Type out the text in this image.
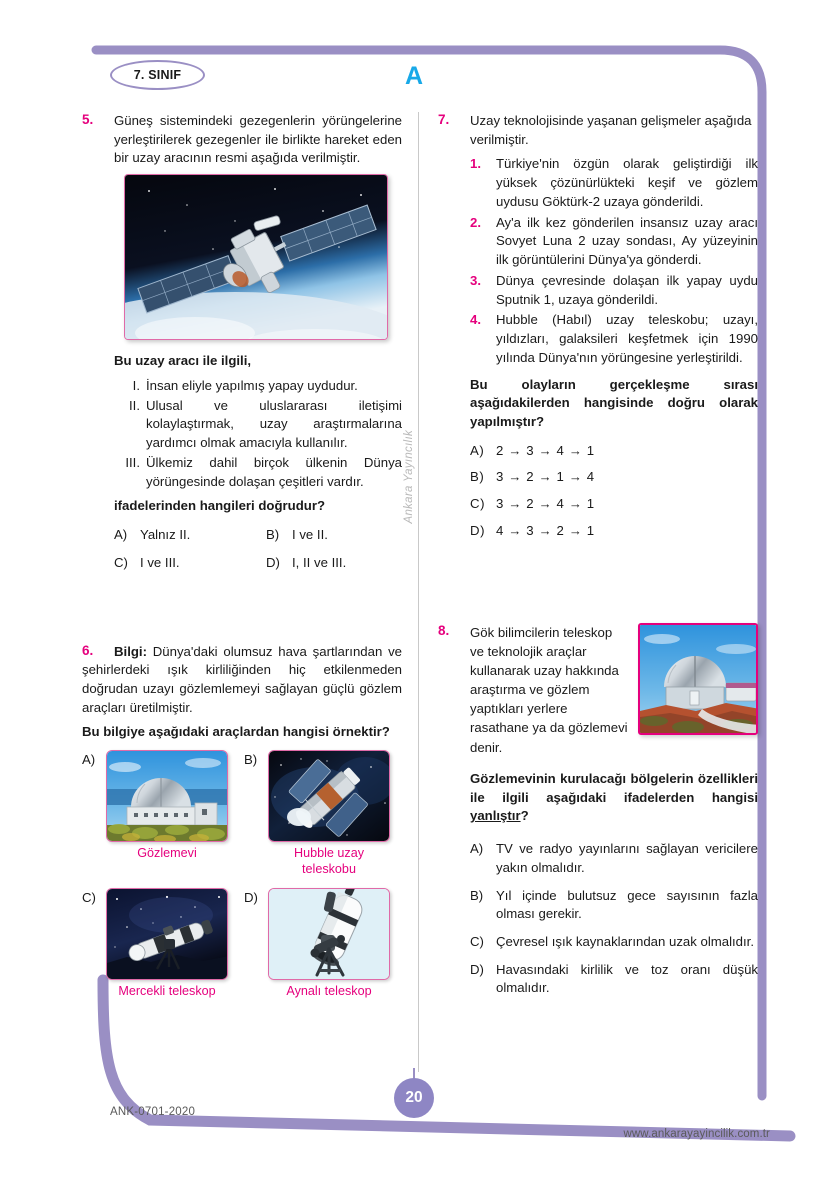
7. SINIF	A
Ankara Yayıncılık
5.	Güneş sistemindeki gezegenlerin yörüngelerine yerleştirilerek gezegenler ile birlikte hareket eden bir uzay aracının resmi aşağıda verilmiştir.

Bu uzay aracı ile ilgili,

I. İnsan eliyle yapılmış yapay uydudur.
II. Ulusal ve uluslararası iletişimi kolaylaştırmak, uzay araştırmalarına yardımcı olmak amacıyla kullanılır.
III. Ülkemiz dahil birçok ülkenin Dünya yörüngesinde dolaşan çeşitleri vardır.

ifadelerinden hangileri doğrudur?

A) Yalnız II.	B) I ve II.
C) I ve III.	D) I, II ve III.
6.	Bilgi: Dünya'daki olumsuz hava şartlarından ve şehirlerdeki ışık kirliliğinden hiç etkilenmeden doğrudan uzayı gözlemlemeyi sağlayan güçlü gözlem araçları üretilmiştir.

Bu bilgiye aşağıdaki araçlardan hangisi örnektir?

A)
Gözlemevi
B)
Hubble uzay teleskobu
C)
Mercekli teleskop
D)
Aynalı teleskop
7.	Uzay teknolojisinde yaşanan gelişmeler aşağıda verilmiştir.

1. Türkiye'nin özgün olarak geliştirdiği ilk yüksek çözünürlükteki keşif ve gözlem uydusu Göktürk-2 uzaya gönderildi.
2. Ay'a ilk kez gönderilen insansız uzay aracı Sovyet Luna 2 uzay sondası, Ay yüzeyinin ilk görüntülerini Dünya'ya gönderdi.
3. Dünya çevresinde dolaşan ilk yapay uydu Sputnik 1, uzaya gönderildi.
4. Hubble (Habıl) uzay teleskobu; uzayı, yıldızları, galaksileri keşfetmek için 1990 yılında Dünya'nın yörüngesine yerleştirildi.

Bu olayların gerçekleşme sırası aşağıdakilerden hangisinde doğru olarak yapılmıştır?

A) 2 → 3 → 4 → 1
B) 3 → 2 → 1 → 4
C) 3 → 2 → 4 → 1
D) 4 → 3 → 2 → 1
8.	Gök bilimcilerin teleskop ve teknolojik araçlar kullanarak uzay hakkında araştırma ve gözlem yaptıkları yerlere rasathane ya da gözlemevi denir.

Gözlemevinin kurulacağı bölgelerin özellikleri ile ilgili aşağıdaki ifadelerden hangisi yanlıştır?

A) TV ve radyo yayınlarını sağlayan vericilere yakın olmalıdır.
B) Yıl içinde bulutsuz gece sayısının fazla olması gerekir.
C) Çevresel ışık kaynaklarından uzak olmalıdır.
D) Havasındaki kirlilik ve toz oranı düşük olmalıdır.
20
ANK-0701-2020
www.ankarayayincilik.com.tr
